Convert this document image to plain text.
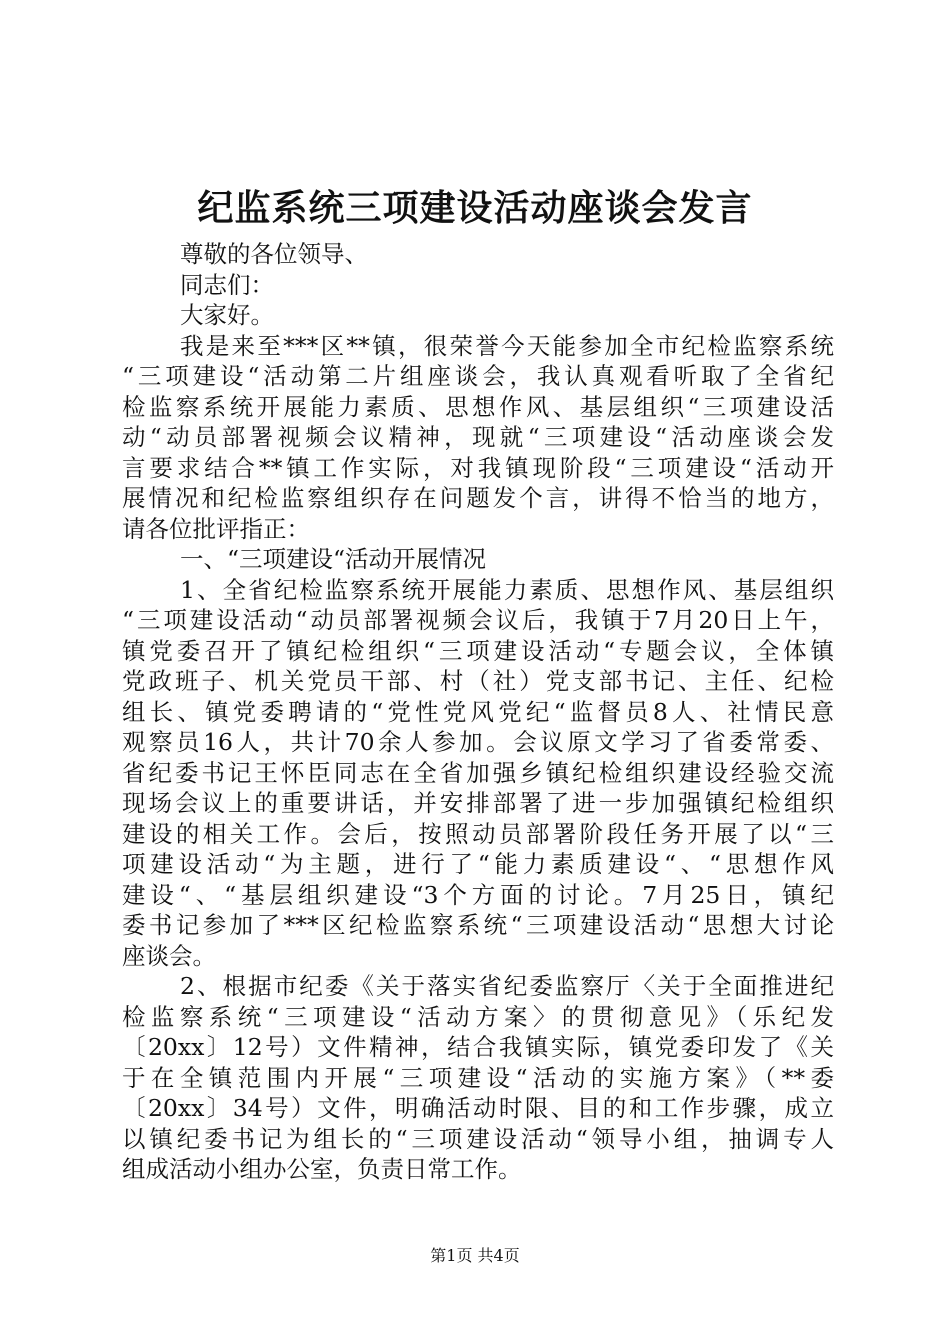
纪监系统三项建设活动座谈会发言
尊敬的各位领导、
同志们：
大家好。
我是来至***区**镇，很荣誉今天能参加全市纪检监察系统
“三项建设“活动第二片组座谈会，我认真观看听取了全省纪
检监察系统开展能力素质、思想作风、基层组织“三项建设活
动“动员部署视频会议精神，现就“三项建设“活动座谈会发
言要求结合**镇工作实际，对我镇现阶段“三项建设“活动开
展情况和纪检监察组织存在问题发个言，讲得不恰当的地方，
请各位批评指正：
一、“三项建设“活动开展情况
1、全省纪检监察系统开展能力素质、思想作风、基层组织
“三项建设活动“动员部署视频会议后，我镇于7月20日上午，
镇党委召开了镇纪检组织“三项建设活动“专题会议，全体镇
党政班子、机关党员干部、村（社）党支部书记、主任、纪检
组长、镇党委聘请的“党性党风党纪“监督员8人、社情民意
观察员16人，共计70余人参加。会议原文学习了省委常委、
省纪委书记王怀臣同志在全省加强乡镇纪检组织建设经验交流
现场会议上的重要讲话，并安排部署了进一步加强镇纪检组织
建设的相关工作。会后，按照动员部署阶段任务开展了以“三
项建设活动“为主题，进行了“能力素质建设“、“思想作风
建设“、“基层组织建设“3个方面的讨论。7月25日，镇纪
委书记参加了***区纪检监察系统“三项建设活动“思想大讨论
座谈会。
2、根据市纪委《关于落实省纪委监察厅〈关于全面推进纪
检监察系统“三项建设“活动方案〉的贯彻意见》（乐纪发
〔20xx〕12号）文件精神，结合我镇实际，镇党委印发了《关
于在全镇范围内开展“三项建设“活动的实施方案》（**委
〔20xx〕34号）文件，明确活动时限、目的和工作步骤，成立
以镇纪委书记为组长的“三项建设活动“领导小组，抽调专人
组成活动小组办公室，负责日常工作。
第1页 共4页
